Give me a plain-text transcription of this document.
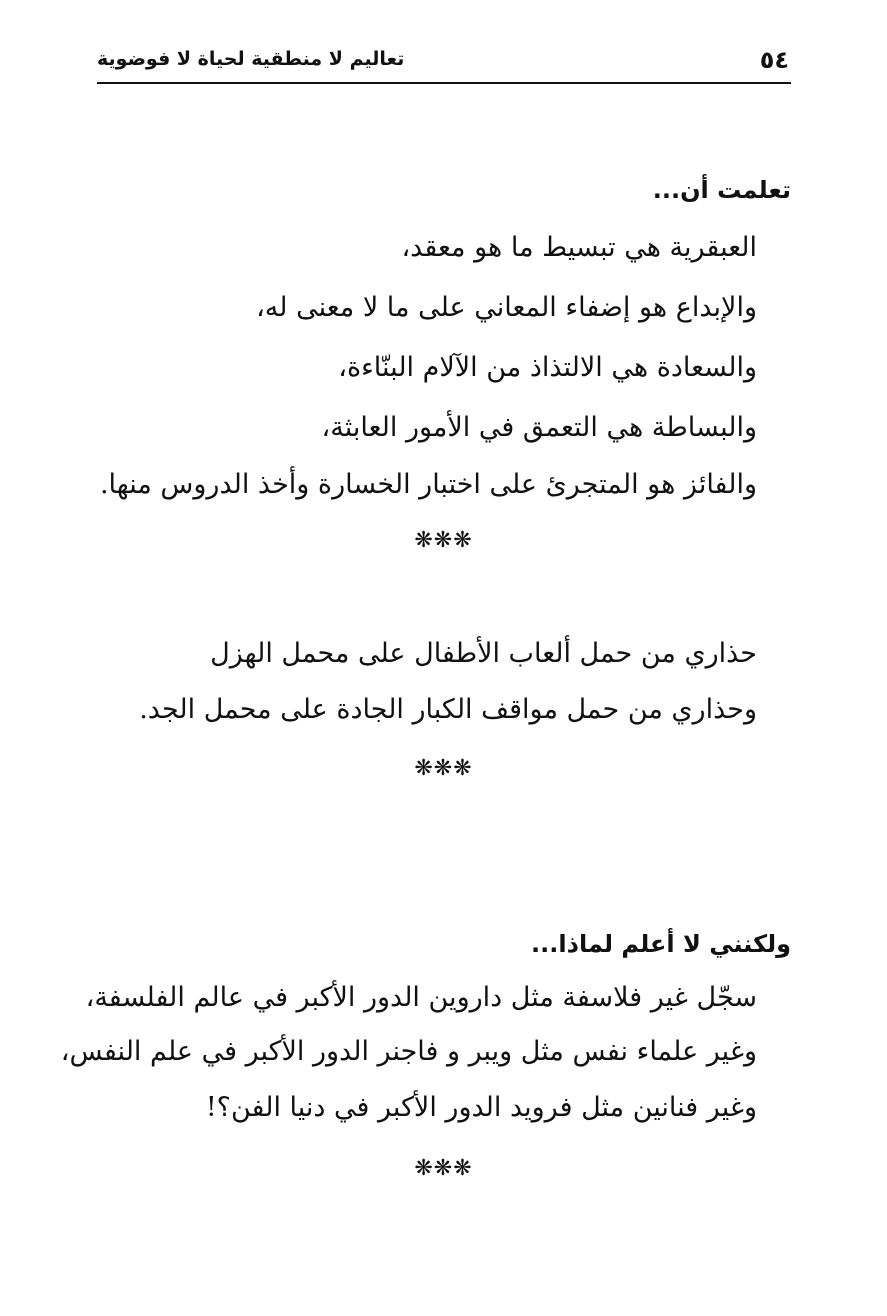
٥٤
تعاليم لا منطقية لحياة لا فوضوية
تعلمت أن...
العبقرية هي تبسيط ما هو معقد،
والإبداع هو إضفاء المعاني على ما لا معنى له،
والسعادة هي الالتذاذ من الآلام البنّاءة،
والبساطة هي التعمق في الأمور العابثة،
والفائز هو المتجرئ على اختبار الخسارة وأخذ الدروس منها.
❋❋❋
حذاري من حمل ألعاب الأطفال على محمل الهزل
وحذاري من حمل مواقف الكبار الجادة على محمل الجد.
❋❋❋
ولكنني لا أعلم لماذا...
سجّل غير فلاسفة مثل داروين الدور الأكبر في عالم الفلسفة،
وغير علماء نفس مثل ويبر و فاجنر الدور الأكبر في علم النفس،
وغير فنانين مثل فرويد الدور الأكبر في دنيا الفن؟!
❋❋❋
